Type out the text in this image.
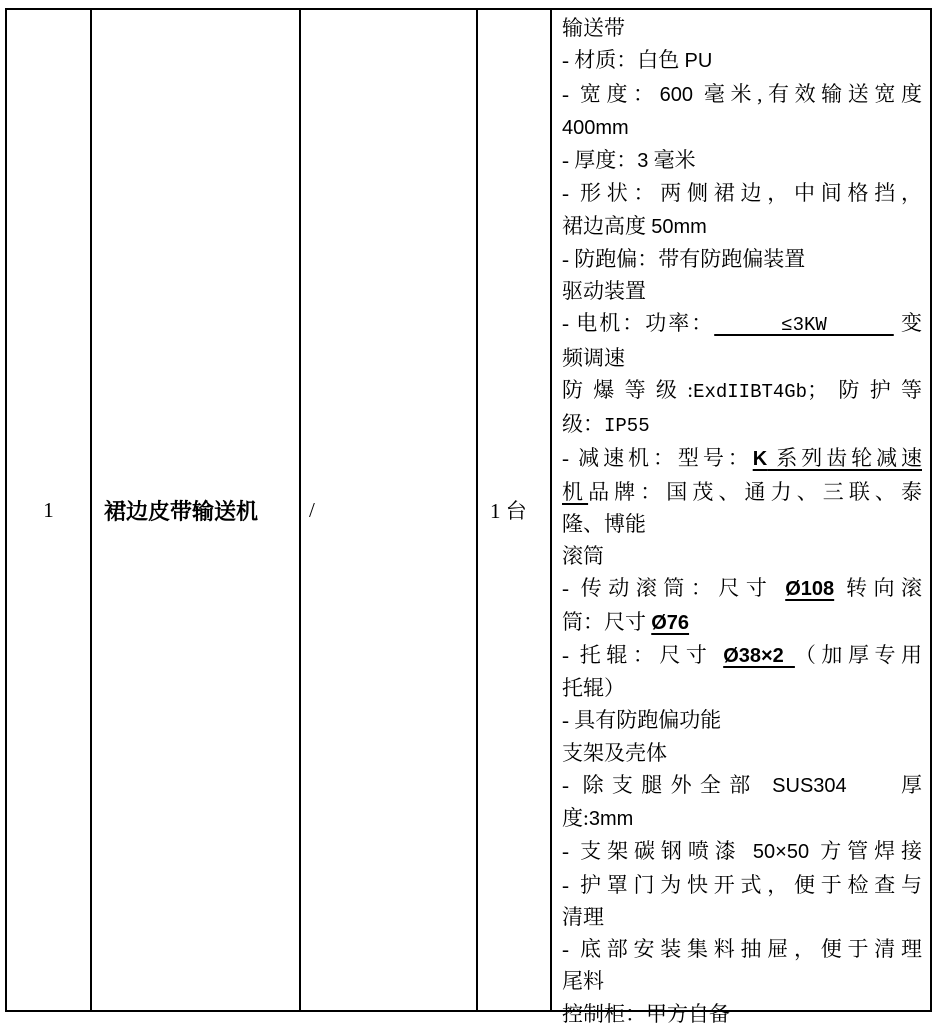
1 裙边皮带输送机 /	1 台
输送带
- 材质：白色 PU
- 宽度：600 毫米,有效输送宽度
400mm
- 厚度：3 毫米
- 形状：两侧裙边，中间格挡，
裙边高度 50mm
- 防跑偏：带有防跑偏装置
驱动装置
- 电机：功率：     ≤3KW      变
频调速
防爆等级:ExdIIBT4Gb；防护等
级：IP55
- 减速机：型号：K 系列齿轮减速
机品牌：国茂、通力、三联、泰
隆、博能
滚筒
- 传动滚筒：尺寸 Ø108 转向滚
筒：尺寸 Ø76
- 托辊：尺寸 Ø38×2 （加厚专用
托辊）
- 具有防跑偏功能
支架及壳体
- 除支腿外全部 SUS304    厚
度:3mm
- 支架碳钢喷漆 50×50 方管焊接
- 护罩门为快开式，便于检查与
清理
- 底部安装集料抽屉，便于清理
尾料
控制柜：甲方自备
